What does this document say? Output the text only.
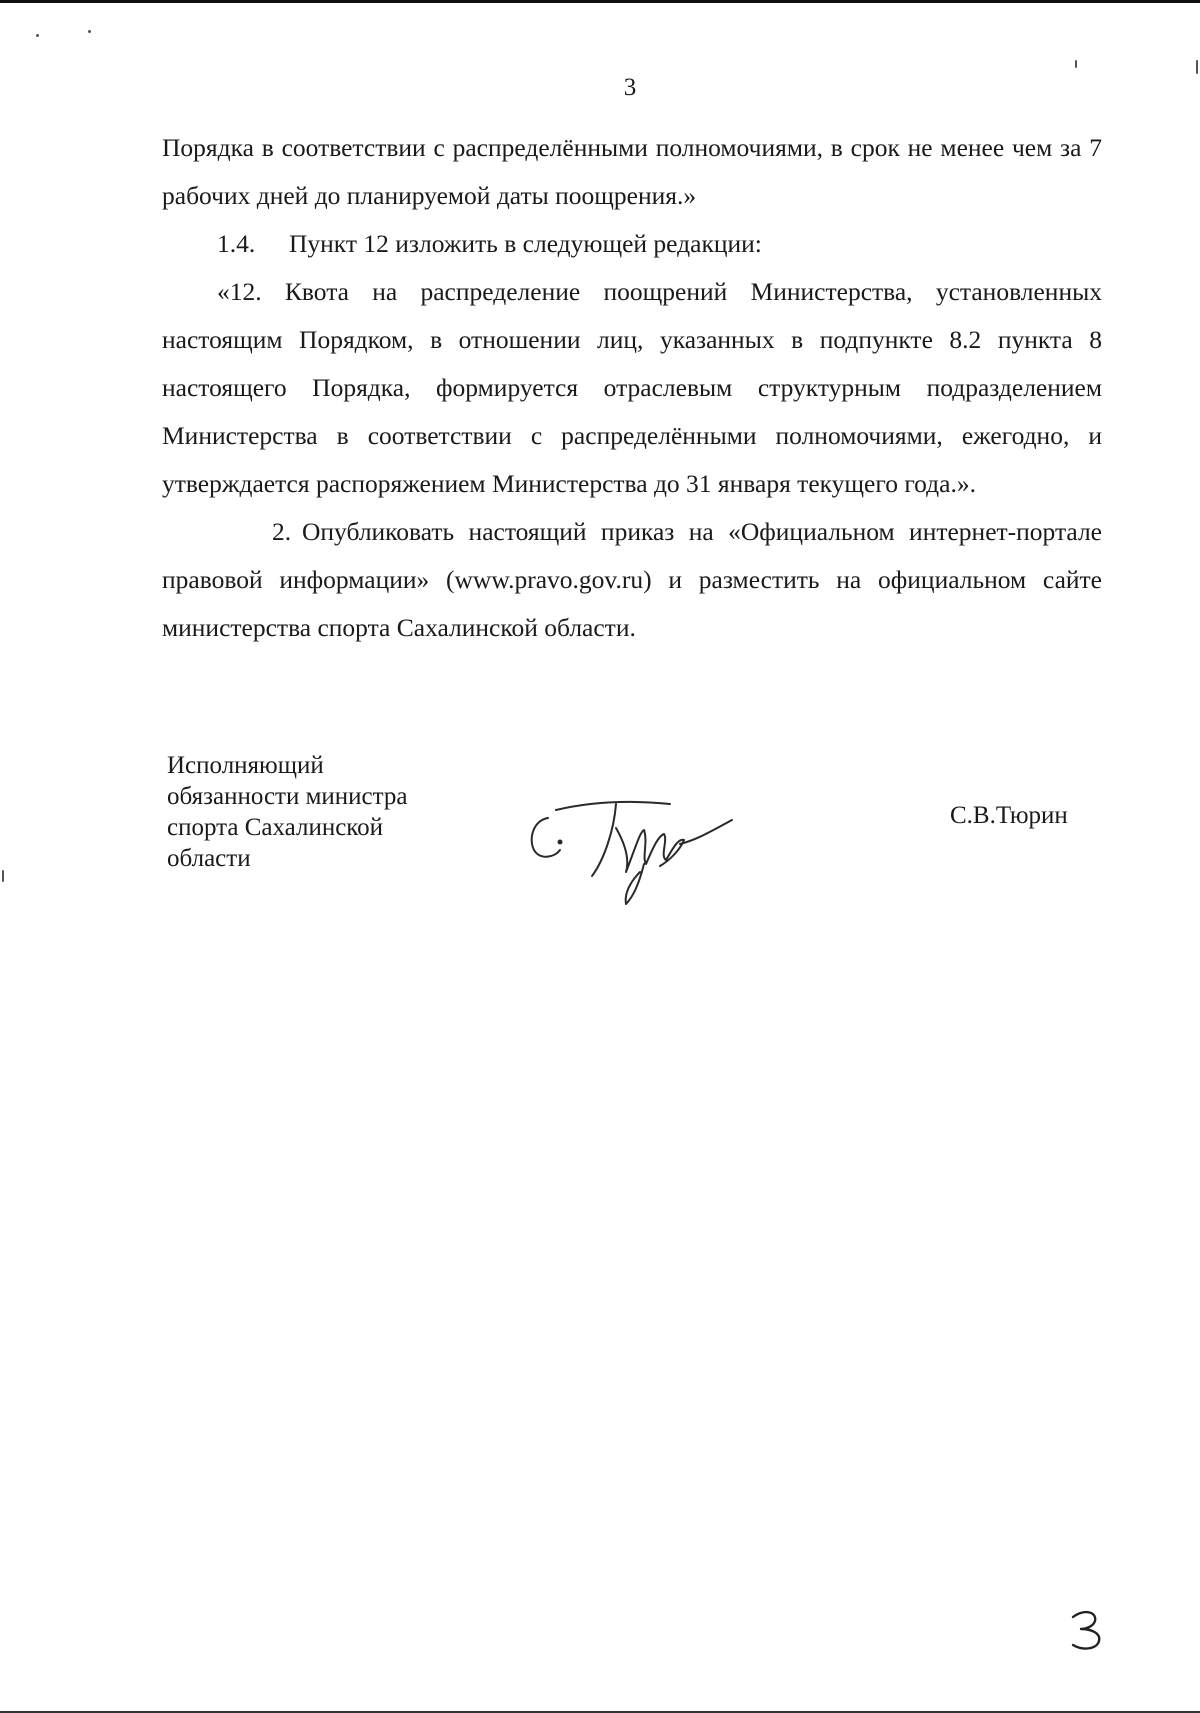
3

Порядка в соответствии с распределёнными полномочиями, в срок не менее чем за 7 рабочих дней до планируемой даты поощрения.»

1.4. Пункт 12 изложить в следующей редакции:

«12. Квота на распределение поощрений Министерства, установленных настоящим Порядком, в отношении лиц, указанных в подпункте 8.2 пункта 8 настоящего Порядка, формируется отраслевым структурным подразделением Министерства в соответствии с распределёнными полномочиями, ежегодно, и утверждается распоряжением Министерства до 31 января текущего года.».

2. Опубликовать настоящий приказ на «Официальном интернет-портале правовой информации» (www.pravo.gov.ru) и разместить на официальном сайте министерства спорта Сахалинской области.

Исполняющий
обязанности министра
спорта Сахалинской
области
С.В.Тюрин
